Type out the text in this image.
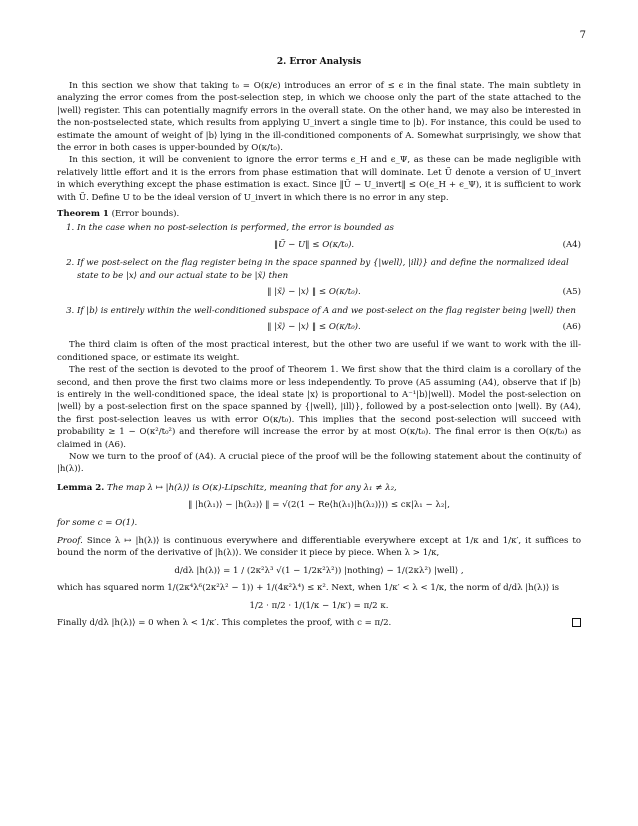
7
2. Error Analysis

In this section we show that taking t₀ = O(κ/ϵ) introduces an error of ≤ ϵ in the final state. The main subtlety in analyzing the error comes from the post-selection step, in which we choose only the part of the state attached to the |well⟩ register. This can potentially magnify errors in the overall state. On the other hand, we may also be interested in the non-postselected state, which results from applying U_invert a single time to |b⟩. For instance, this could be used to estimate the amount of weight of |b⟩ lying in the ill-conditioned components of A. Somewhat surprisingly, we show that the error in both cases is upper-bounded by O(κ/t₀).

In this section, it will be convenient to ignore the error terms ϵ_H and ϵ_Ψ, as these can be made negligible with relatively little effort and it is the errors from phase estimation that will dominate. Let Ũ denote a version of U_invert in which everything except the phase estimation is exact. Since ‖Ũ − U_invert‖ ≤ O(ϵ_H + ϵ_Ψ), it is sufficient to work with Ũ. Define U to be the ideal version of U_invert in which there is no error in any step.

Theorem 1 (Error bounds).
1. In the case when no post-selection is performed, the error is bounded as
‖Ũ − U‖ ≤ O(κ/t₀).	(A4)
2. If we post-select on the flag register being in the space spanned by {|well⟩, |ill⟩} and define the normalized ideal state to be |x⟩ and our actual state to be |x̃⟩ then
‖ |x̃⟩ − |x⟩ ‖ ≤ O(κ/t₀).	(A5)
3. If |b⟩ is entirely within the well-conditioned subspace of A and we post-select on the flag register being |well⟩ then
‖ |x̃⟩ − |x⟩ ‖ ≤ O(κ/t₀).	(A6)

The third claim is often of the most practical interest, but the other two are useful if we want to work with the ill-conditioned space, or estimate its weight.

The rest of the section is devoted to the proof of Theorem 1. We first show that the third claim is a corollary of the second, and then prove the first two claims more or less independently. To prove (A5 assuming (A4), observe that if |b⟩ is entirely in the well-conditioned space, the ideal state |x⟩ is proportional to A⁻¹|b⟩|well⟩. Model the post-selection on |well⟩ by a post-selection first on the space spanned by {|well⟩, |ill⟩}, followed by a post-selection onto |well⟩. By (A4), the first post-selection leaves us with error O(κ/t₀). This implies that the second post-selection will succeed with probability ≥ 1 − O(κ²/t₀²) and therefore will increase the error by at most O(κ/t₀). The final error is then O(κ/t₀) as claimed in (A6).

Now we turn to the proof of (A4). A crucial piece of the proof will be the following statement about the continuity of |h(λ)⟩.

Lemma 2. The map λ ↦ |h(λ)⟩ is O(κ)-Lipschitz, meaning that for any λ₁ ≠ λ₂,
‖ |h(λ₁)⟩ − |h(λ₂)⟩ ‖ = √(2(1 − Re⟨h(λ₁)|h(λ₂)⟩)) ≤ cκ|λ₁ − λ₂|,

for some c = O(1).

Proof. Since λ ↦ |h(λ)⟩ is continuous everywhere and differentiable everywhere except at 1/κ and 1/κ′, it suffices to bound the norm of the derivative of |h(λ)⟩. We consider it piece by piece. When λ > 1/κ,

d/dλ |h(λ)⟩ = 1 / (2κ²λ³ √(1 − 1/2κ²λ²)) |nothing⟩ − 1/(2κλ²) |well⟩ ,

which has squared norm 1/(2κ⁴λ⁶(2κ²λ² − 1)) + 1/(4κ²λ⁴) ≤ κ². Next, when 1/κ′ < λ < 1/κ, the norm of d/dλ |h(λ)⟩ is

1/2 · π/2 · 1/(1/κ − 1/κ′) = π/2 κ.

Finally d/dλ |h(λ)⟩ = 0 when λ < 1/κ′. This completes the proof, with c = π/2.
